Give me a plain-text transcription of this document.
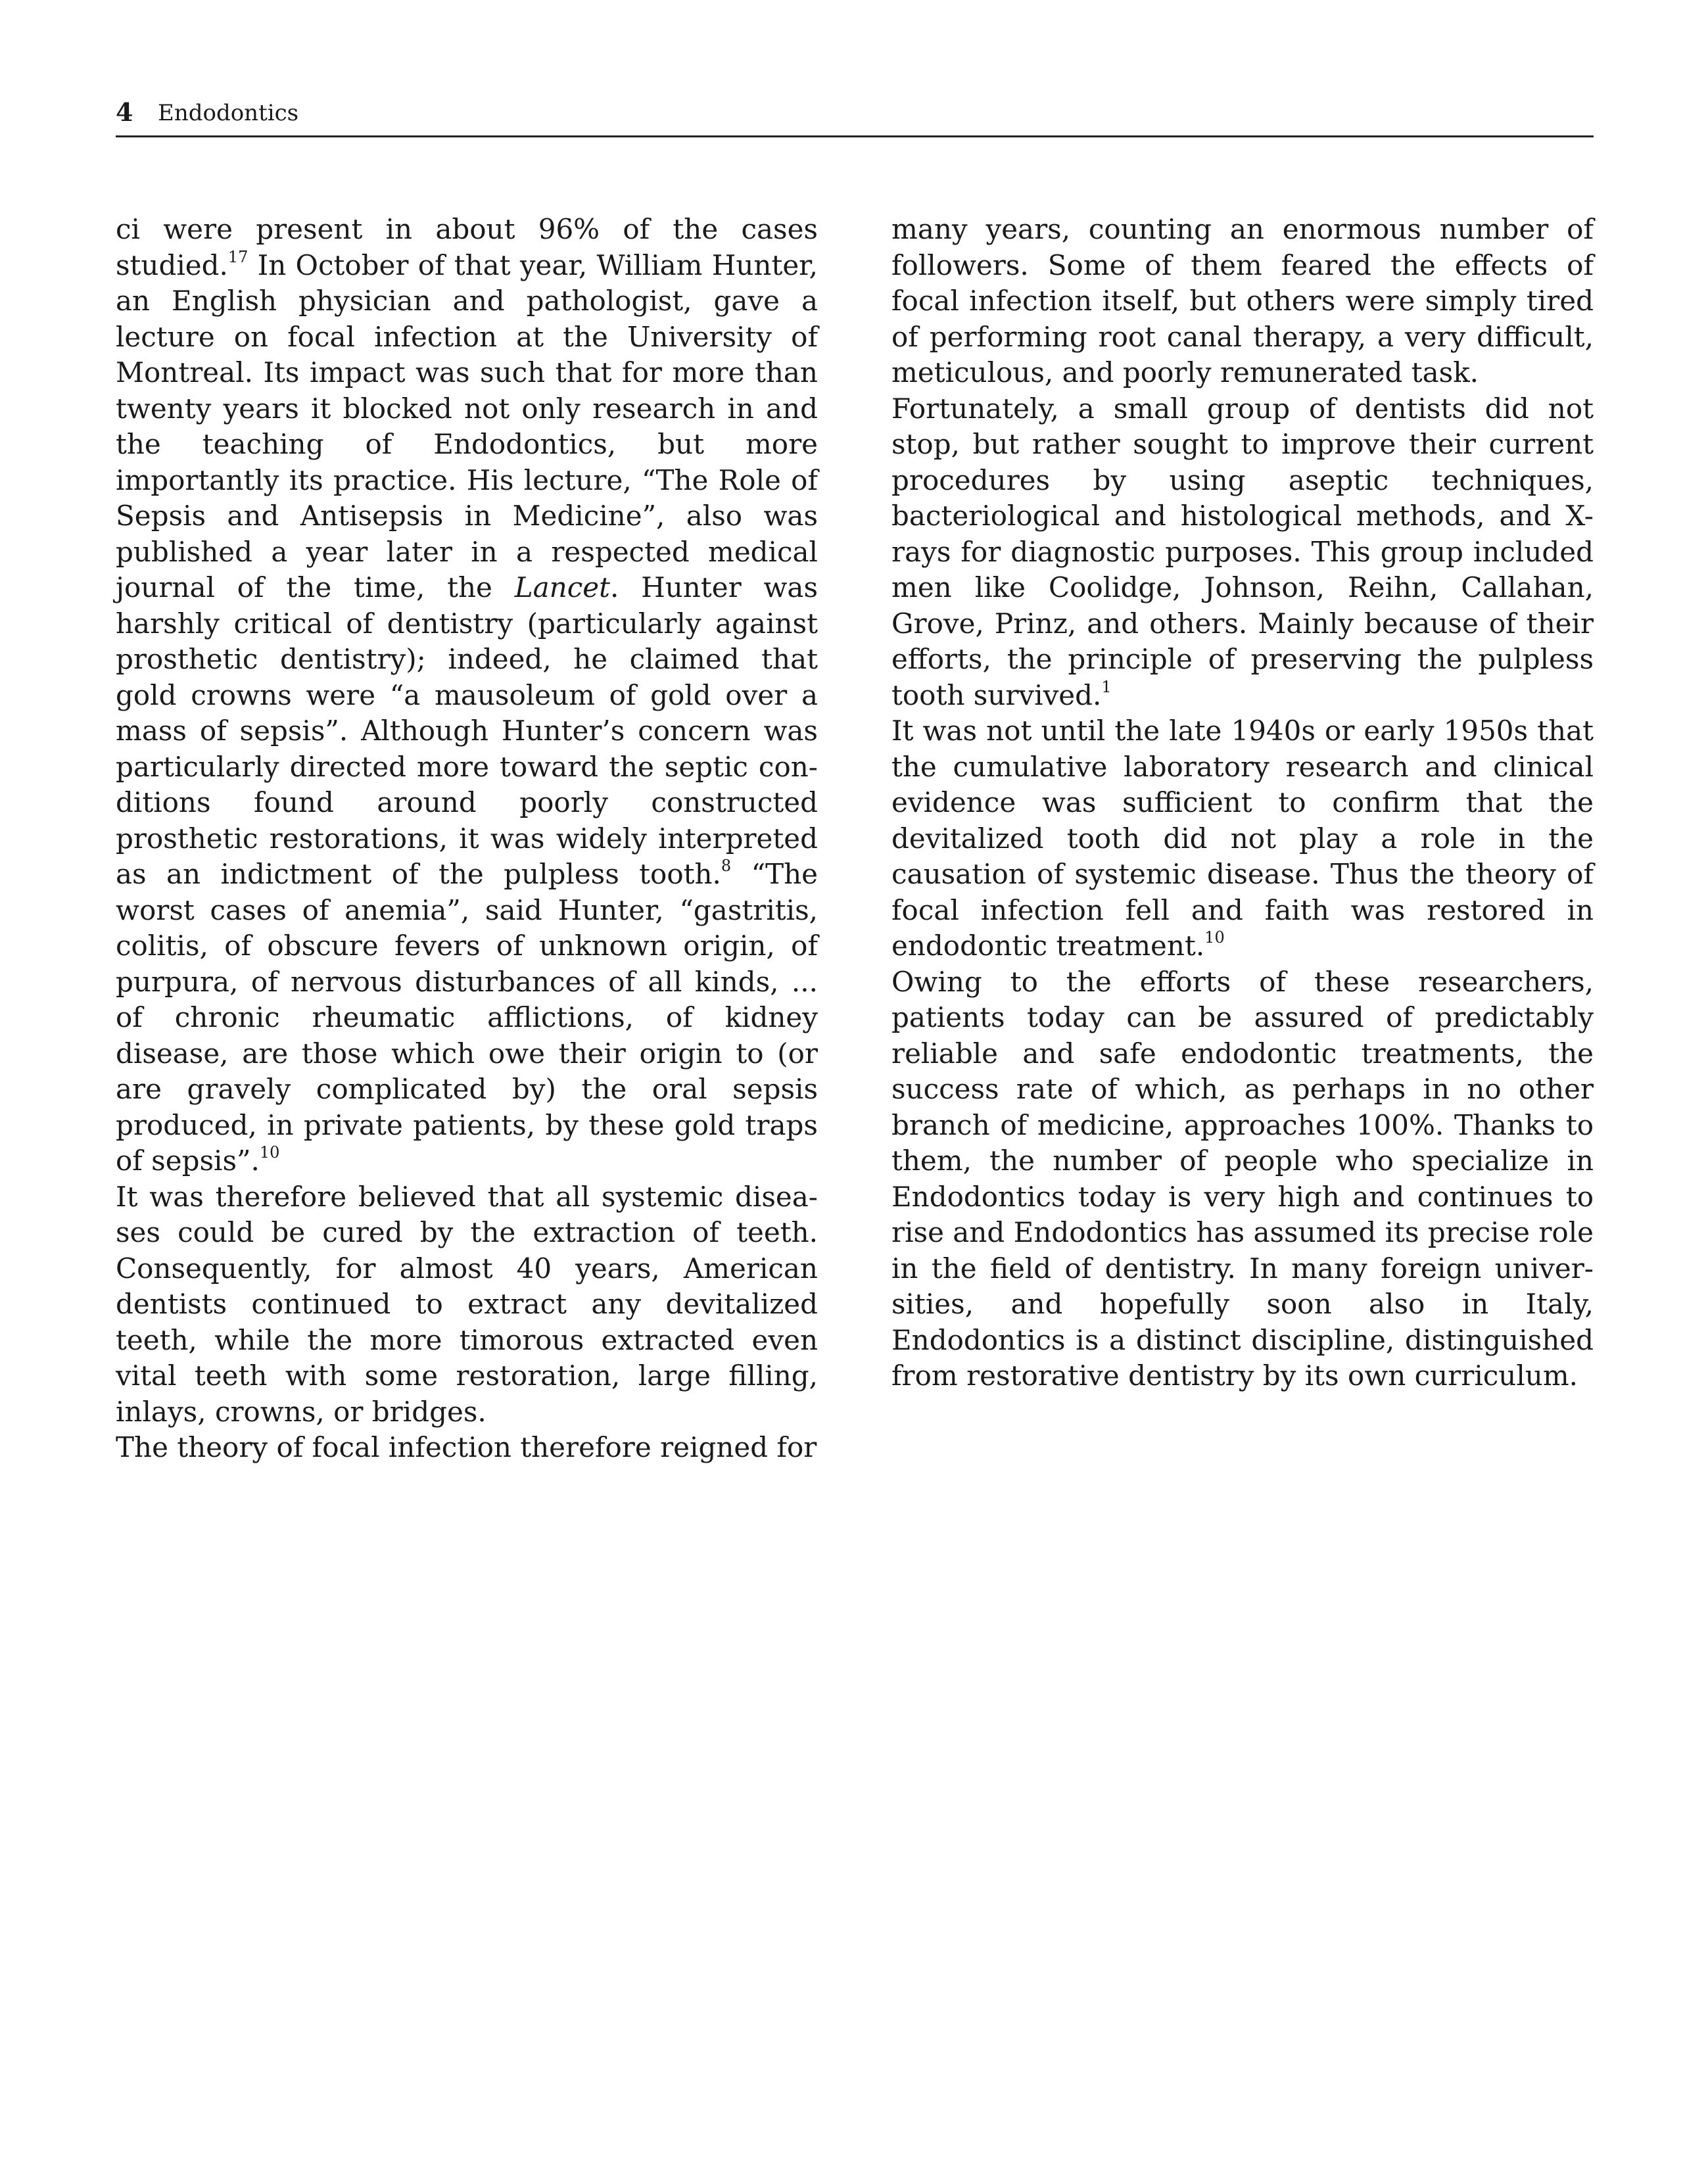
4 Endodontics

ci were present in about 96% of the cases studied.$^{17}$ In October of that year, William Hunter, an English physician and pathologist, gave a lecture on focal infection at the University of Montreal. Its impact was such that for more than twenty years it blocked not only research in and the teaching of Endodontics, but more importantly its practice. His lecture, “The Role of Sepsis and Antisepsis in Medicine”, also was published a year later in a respected medical journal of the time, the Lancet. Hunter was harshly critical of dentistry (particularly against prosthetic dentistry); indeed, he claimed that gold crowns were “a mausoleum of gold over a mass of sepsis”. Although Hunter’s concern was particularly directed more toward the septic conditions found around poorly constructed prosthetic restorations, it was widely interpreted as an indictment of the pulpless tooth.$^8$ “The worst cases of anemia”, said Hunter, “gastritis, colitis, of obscure fevers of unknown origin, of purpura, of nervous disturbances of all kinds, ... of chronic rheumatic afflictions, of kidney disease, are those which owe their origin to (or are gravely complicated by) the oral sepsis produced, in private patients, by these gold traps of sepsis”.$^{10}$

It was therefore believed that all systemic diseases could be cured by the extraction of teeth. Consequently, for almost 40 years, American dentists continued to extract any devitalized teeth, while the more timorous extracted even vital teeth with some restoration, large filling, inlays, crowns, or bridges.

The theory of focal infection therefore reigned for

many years, counting an enormous number of followers. Some of them feared the effects of focal infection itself, but others were simply tired of performing root canal therapy, a very difficult, meticulous, and poorly remunerated task.

Fortunately, a small group of dentists did not stop, but rather sought to improve their current procedures by using aseptic techniques, bacteriological and histological methods, and X-rays for diagnostic purposes. This group included men like Coolidge, Johnson, Reihn, Callahan, Grove, Prinz, and others. Mainly because of their efforts, the principle of preserving the pulpless tooth survived.$^1$

It was not until the late 1940s or early 1950s that the cumulative laboratory research and clinical evidence was sufficient to confirm that the devitalized tooth did not play a role in the causation of systemic disease. Thus the theory of focal infection fell and faith was restored in endodontic treatment.$^{10}$

Owing to the efforts of these researchers, patients today can be assured of predictably reliable and safe endodontic treatments, the success rate of which, as perhaps in no other branch of medicine, approaches 100%. Thanks to them, the number of people who specialize in Endodontics today is very high and continues to rise and Endodontics has assumed its precise role in the field of dentistry. In many foreign universities, and hopefully soon also in Italy, Endodontics is a distinct discipline, distinguished from restorative dentistry by its own curriculum.
